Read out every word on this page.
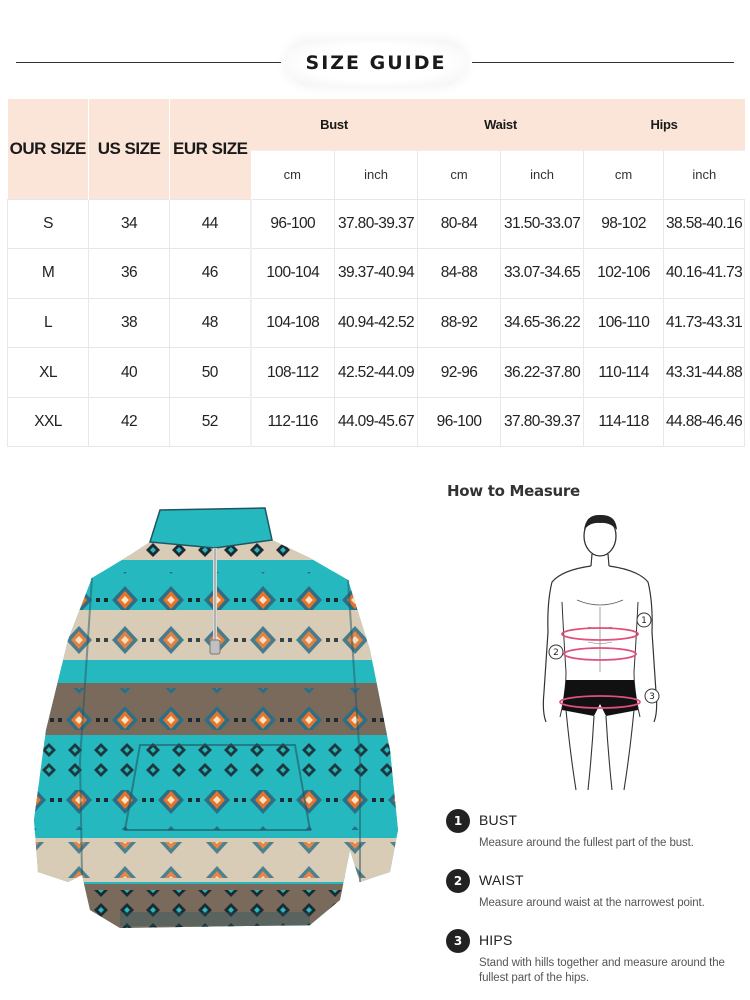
SIZE GUIDE
OUR SIZE	US SIZE	EUR SIZE	Bust		Waist		Hips	
			cm	inch	cm	inch	cm	inch
S	34	44	96-100	37.80-39.37	80-84	31.50-33.07	98-102	38.58-40.16
M	36	46	100-104	39.37-40.94	84-88	33.07-34.65	102-106	40.16-41.73
L	38	48	104-108	40.94-42.52	88-92	34.65-36.22	106-110	41.73-43.31
XL	40	50	108-112	42.52-44.09	92-96	36.22-37.80	110-114	43.31-44.88
XXL	42	52	112-116	44.09-45.67	96-100	37.80-39.37	114-118	44.88-46.46
How to Measure
1
2
3
1	BUST
Measure around the fullest part of the bust.
2	WAIST
Measure around waist at the narrowest point.
3	HIPS
Stand with hills together and measure around the fullest part of the hips.
